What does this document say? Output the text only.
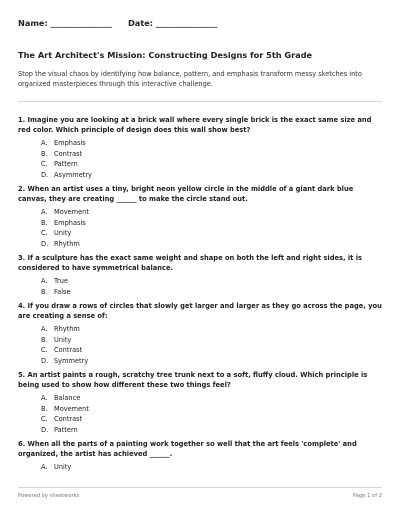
Name: _______________ Date: _______________
The Art Architect's Mission: Constructing Designs for 5th Grade
Stop the visual chaos by identifying how balance, pattern, and emphasis transform messy sketches into organized masterpieces through this interactive challenge.
1. Imagine you are looking at a brick wall where every single brick is the exact same size and red color. Which principle of design does this wall show best?
A. Emphasis
B. Contrast
C. Pattern
D. Asymmetry
2. When an artist uses a tiny, bright neon yellow circle in the middle of a giant dark blue canvas, they are creating ______ to make the circle stand out.
A. Movement
B. Emphasis
C. Unity
D. Rhythm
3. If a sculpture has the exact same weight and shape on both the left and right sides, it is considered to have symmetrical balance.
A. True
B. False
4. If you draw a rows of circles that slowly get larger and larger as they go across the page, you are creating a sense of:
A. Rhythm
B. Unity
C. Contrast
D. Symmetry
5. An artist paints a rough, scratchy tree trunk next to a soft, fluffy cloud. Which principle is being used to show how different these two things feel?
A. Balance
B. Movement
C. Contrast
D. Pattern
6. When all the parts of a painting work together so well that the art feels 'complete' and organized, the artist has achieved ______.
A. Unity
Powered by sheetworks	Page 1 of 2
